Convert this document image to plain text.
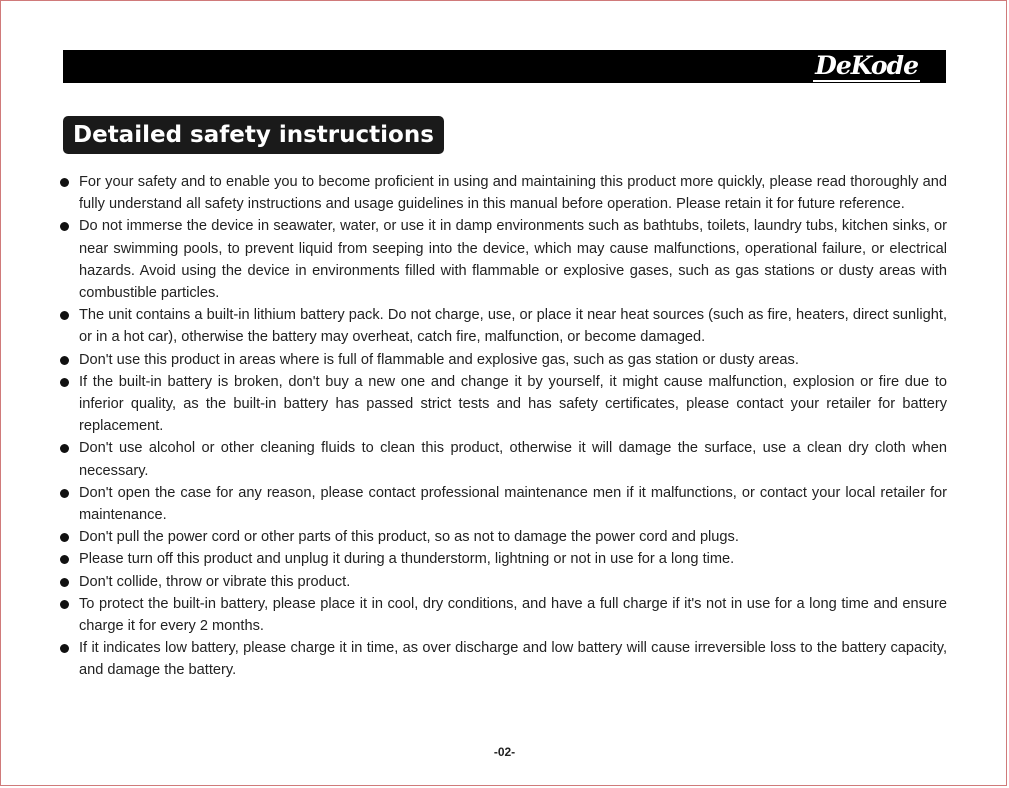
DeKode
Detailed safety instructions
For your safety and to enable you to become proficient in using and maintaining this product more quickly, please read thoroughly and fully understand all safety instructions and usage guidelines in this manual before operation. Please retain it for future reference.
Do not immerse the device in seawater, water, or use it in damp environments such as bathtubs, toilets, laundry tubs, kitchen sinks, or near swimming pools, to prevent liquid from seeping into the device, which may cause malfunctions, operational failure, or electrical hazards. Avoid using the device in environments filled with flammable or explosive gases, such as gas stations or dusty areas with combustible particles.
The unit contains a built-in lithium battery pack. Do not charge, use, or place it near heat sources (such as fire, heaters, direct sunlight, or in a hot car), otherwise the battery may overheat, catch fire, malfunction, or become damaged.
Don't use this product in areas where is full of flammable and explosive gas, such as gas station or dusty areas.
If the built-in battery is broken, don't buy a new one and change it by yourself, it might cause malfunction, explosion or fire due to inferior quality, as the built-in battery has passed strict tests and has safety certificates, please contact your retailer for battery replacement.
Don't use alcohol or other cleaning fluids to clean this product, otherwise it will damage the surface, use a clean dry cloth when necessary.
Don't open the case for any reason, please contact professional maintenance men if it malfunctions, or contact your local retailer for maintenance.
Don't pull the power cord or other parts of this product, so as not to damage the power cord and plugs.
Please turn off this product and unplug it during a thunderstorm, lightning or not in use for a long time.
Don't collide, throw or vibrate this product.
To protect the built-in battery, please place it in cool, dry conditions, and have a full charge if it's not in use for a long time and ensure charge it for every 2 months.
If it indicates low battery, please charge it in time, as over discharge and low battery will cause irreversible loss to the battery capacity, and damage the battery.
-02-
